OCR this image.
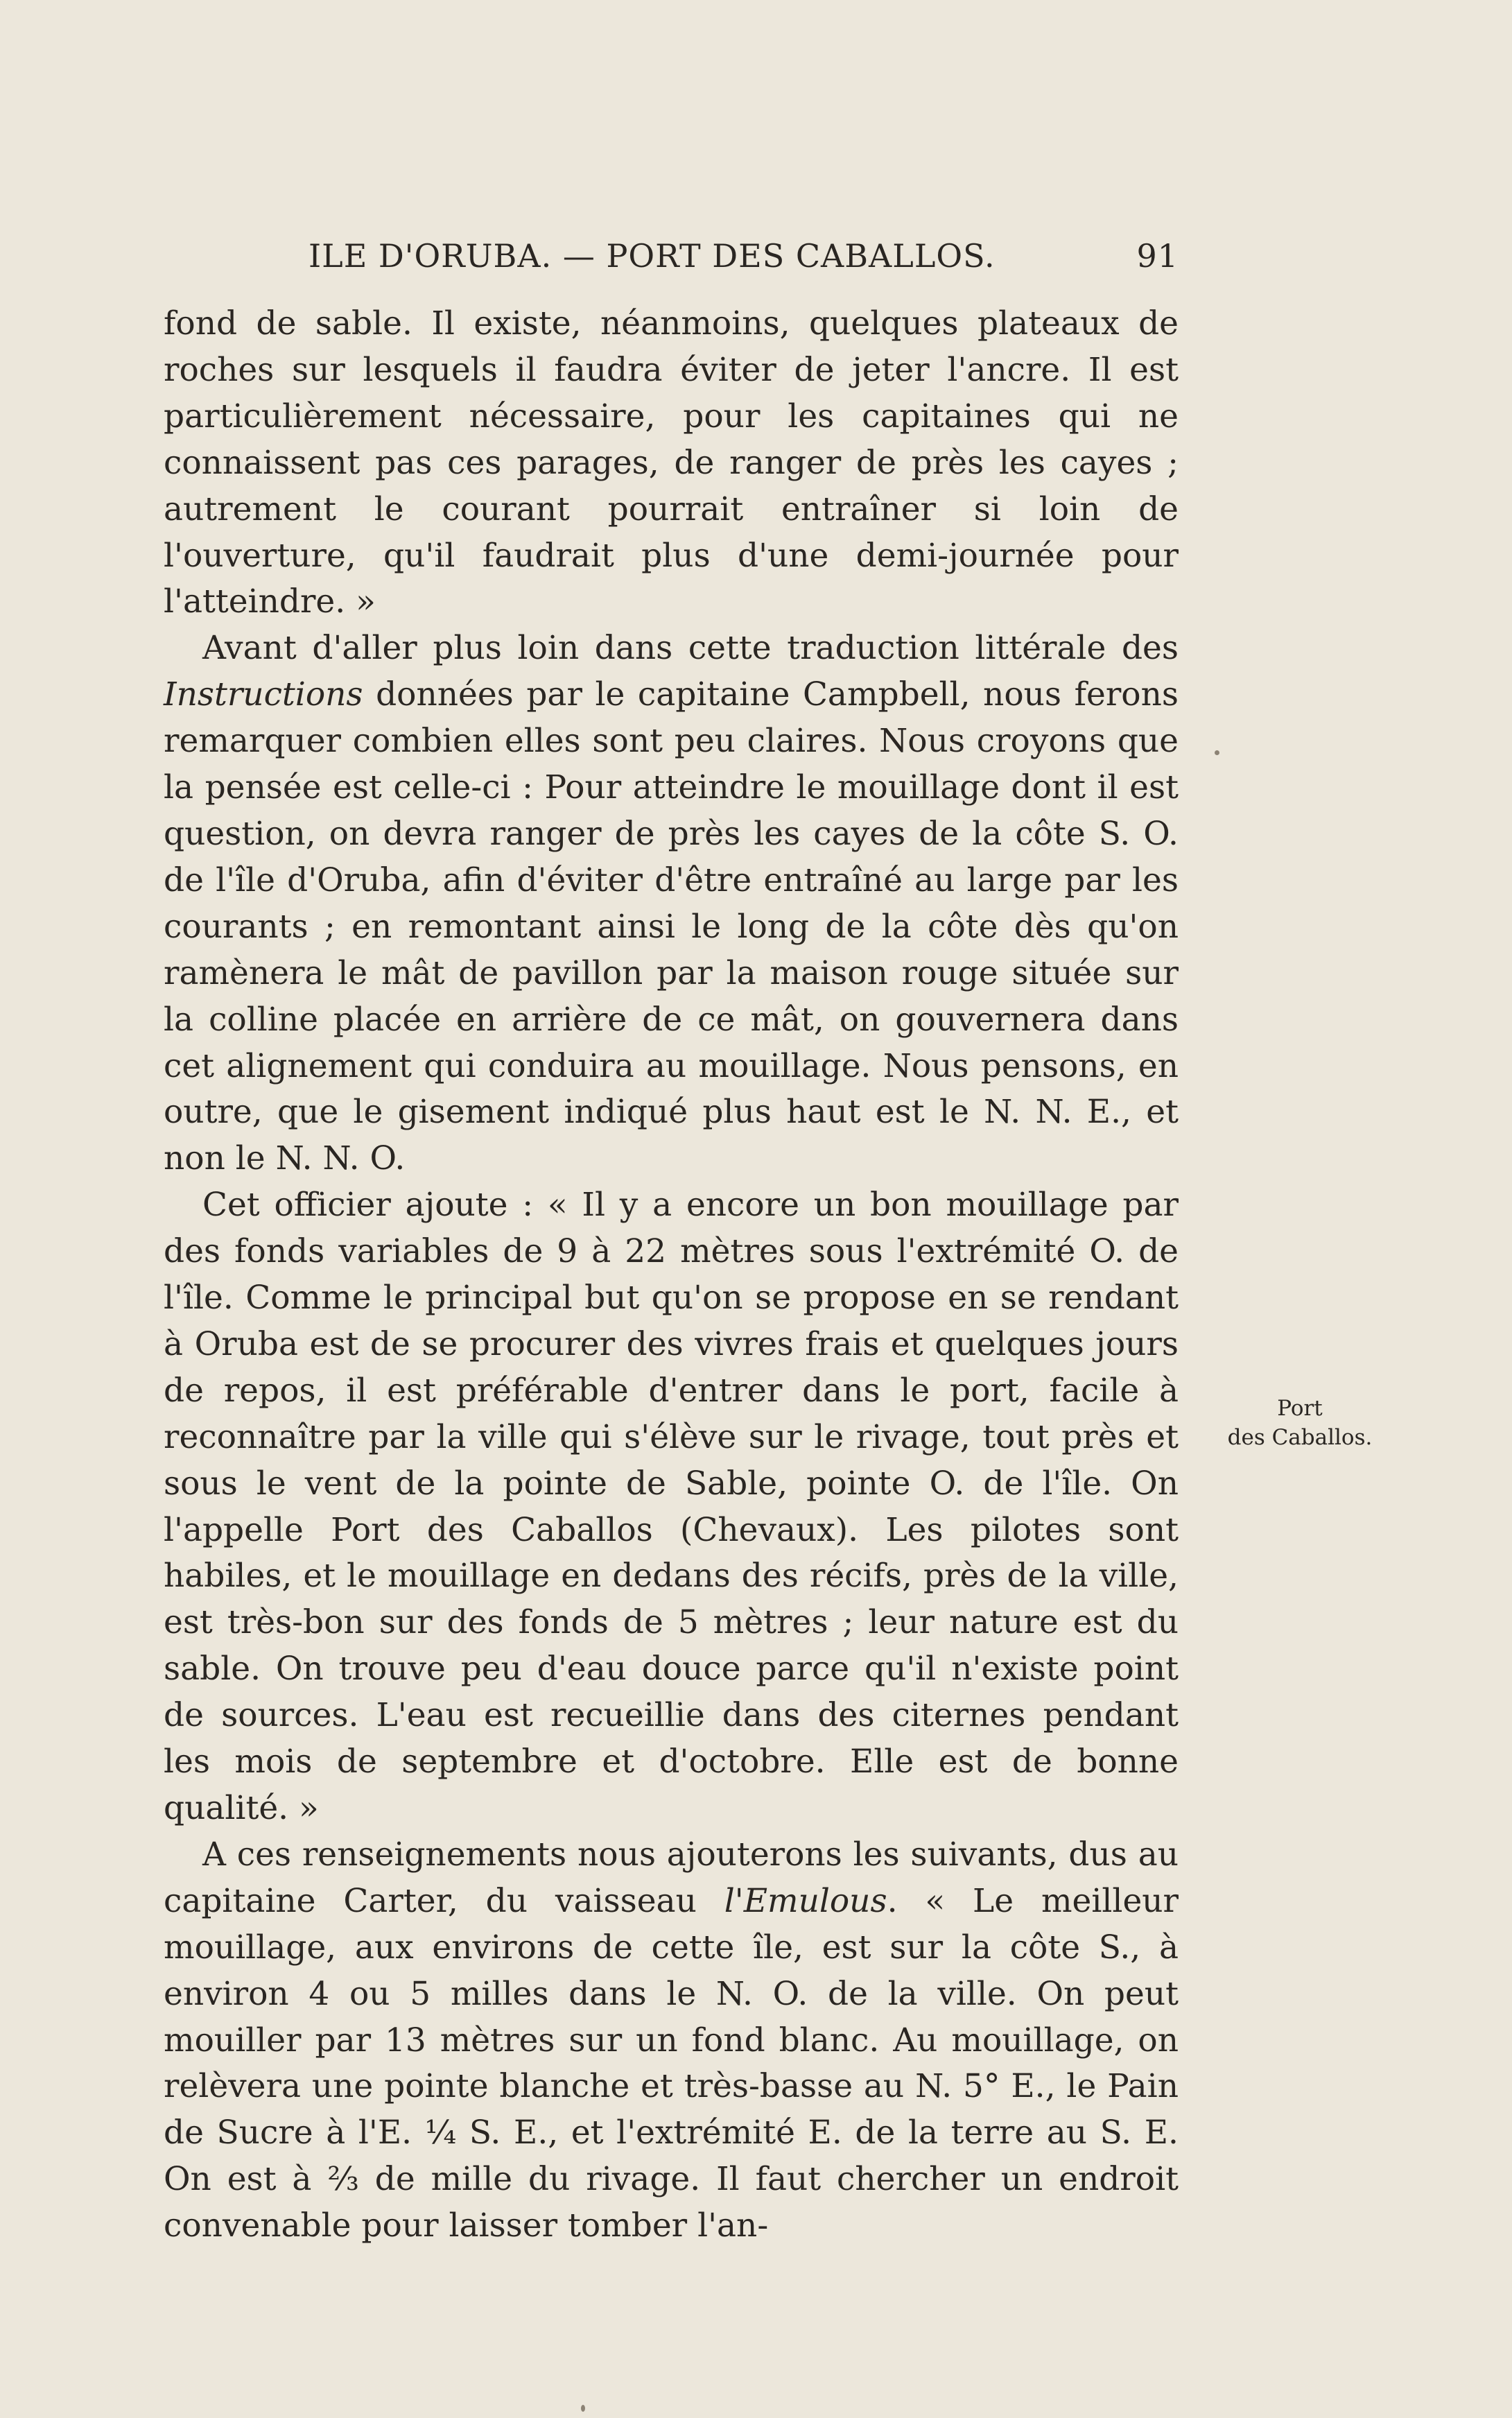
ILE D'ORUBA. — PORT DES CABALLOS.	91

fond de sable. Il existe, néanmoins, quelques plateaux de roches sur lesquels il faudra éviter de jeter l'ancre. Il est particulièrement nécessaire, pour les capitaines qui ne connaissent pas ces parages, de ranger de près les cayes ; autrement le courant pourrait entraîner si loin de l'ouverture, qu'il faudrait plus d'une demi-journée pour l'atteindre. »

Avant d'aller plus loin dans cette traduction littérale des Instructions données par le capitaine Campbell, nous ferons remarquer combien elles sont peu claires. Nous croyons que la pensée est celle-ci : Pour atteindre le mouillage dont il est question, on devra ranger de près les cayes de la côte S. O. de l'île d'Oruba, afin d'éviter d'être entraîné au large par les courants ; en remontant ainsi le long de la côte dès qu'on ramènera le mât de pavillon par la maison rouge située sur la colline placée en arrière de ce mât, on gouvernera dans cet alignement qui conduira au mouillage. Nous pensons, en outre, que le gisement indiqué plus haut est le N. N. E., et non le N. N. O.

Cet officier ajoute : « Il y a encore un bon mouillage par des fonds variables de 9 à 22 mètres sous l'extrémité O. de l'île. Comme le principal but qu'on se propose en se rendant à Oruba est de se procurer des vivres frais et quelques jours de repos, il est préférable d'entrer dans le port, facile à reconnaître par la ville qui s'élève sur le rivage, tout près et sous le vent de la pointe de Sable, pointe O. de l'île. On l'appelle Port des Caballos (Chevaux). Les pilotes sont habiles, et le mouillage en dedans des récifs, près de la ville, est très-bon sur des fonds de 5 mètres ; leur nature est du sable. On trouve peu d'eau douce parce qu'il n'existe point de sources. L'eau est recueillie dans des citernes pendant les mois de septembre et d'octobre. Elle est de bonne qualité. »

A ces renseignements nous ajouterons les suivants, dus au capitaine Carter, du vaisseau l'Emulous. « Le meilleur mouillage, aux environs de cette île, est sur la côte S., à environ 4 ou 5 milles dans le N. O. de la ville. On peut mouiller par 13 mètres sur un fond blanc. Au mouillage, on relèvera une pointe blanche et très-basse au N. 5° E., le Pain de Sucre à l'E. ¼ S. E., et l'extrémité E. de la terre au S. E. On est à ⅔ de mille du rivage. Il faut chercher un endroit convenable pour laisser tomber l'an-

Port
des Caballos.
